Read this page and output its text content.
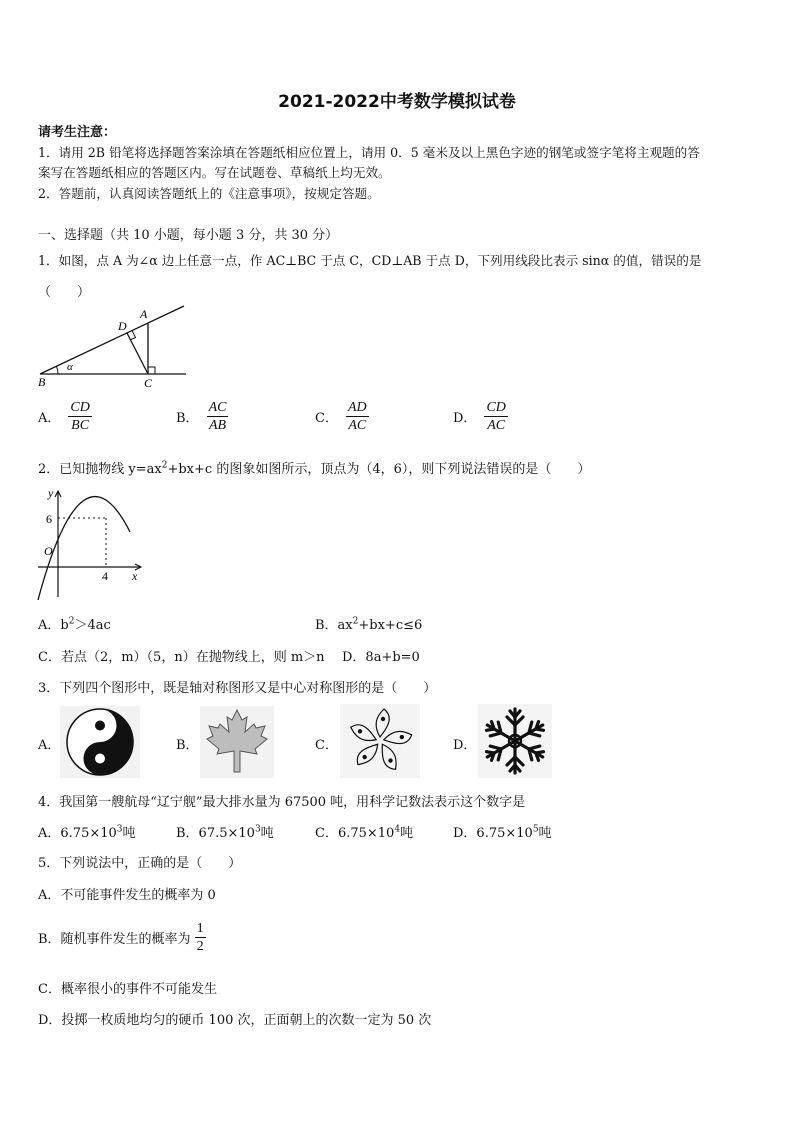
2021-2022中考数学模拟试卷
请考生注意：
1．请用 2B 铅笔将选择题答案涂填在答题纸相应位置上，请用 0．5 毫米及以上黑色字迹的钢笔或签字笔将主观题的答
案写在答题纸相应的答题区内。写在试题卷、草稿纸上均无效。
2．答题前，认真阅读答题纸上的《注意事项》，按规定答题。
一、选择题（共 10 小题，每小题 3 分，共 30 分）
1．如图，点 A 为∠α 边上任意一点，作 AC⊥BC 于点 C，CD⊥AB 于点 D，下列用线段比表示 sinα 的值，错误的是
（　　）
B	C
D
A
α
A． $\frac{CD}{BC}$	B． $\frac{AC}{AB}$	C． $\frac{AD}{AC}$	D． $\frac{CD}{AC}$
2．已知抛物线 $y=ax^2+bx+c$ 的图象如图所示，顶点为（4，6），则下列说法错误的是（　　）
y
x
O
6
4
A．$b^2>4ac$	B．$ax^2+bx+c\le 6$
C．若点（2，m）（5，n）在抛物线上，则 m＞n D．8a+b=0
3．下列四个图形中，既是轴对称图形又是中心对称图形的是（　　）
A．	B．	C．	D．
4．我国第一艘航母“辽宁舰”最大排水量为 67500 吨，用科学记数法表示这个数字是
A．$6.75\times 10^3$吨	B．$67.5\times 10^3$吨	C．$6.75\times 10^4$吨	D．$6.75\times 10^5$吨
5．下列说法中，正确的是（　　）
A．不可能事件发生的概率为 0
B．随机事件发生的概率为 $\frac{1}{2}$
C．概率很小的事件不可能发生
D．投掷一枚质地均匀的硬币 100 次，正面朝上的次数一定为 50 次
